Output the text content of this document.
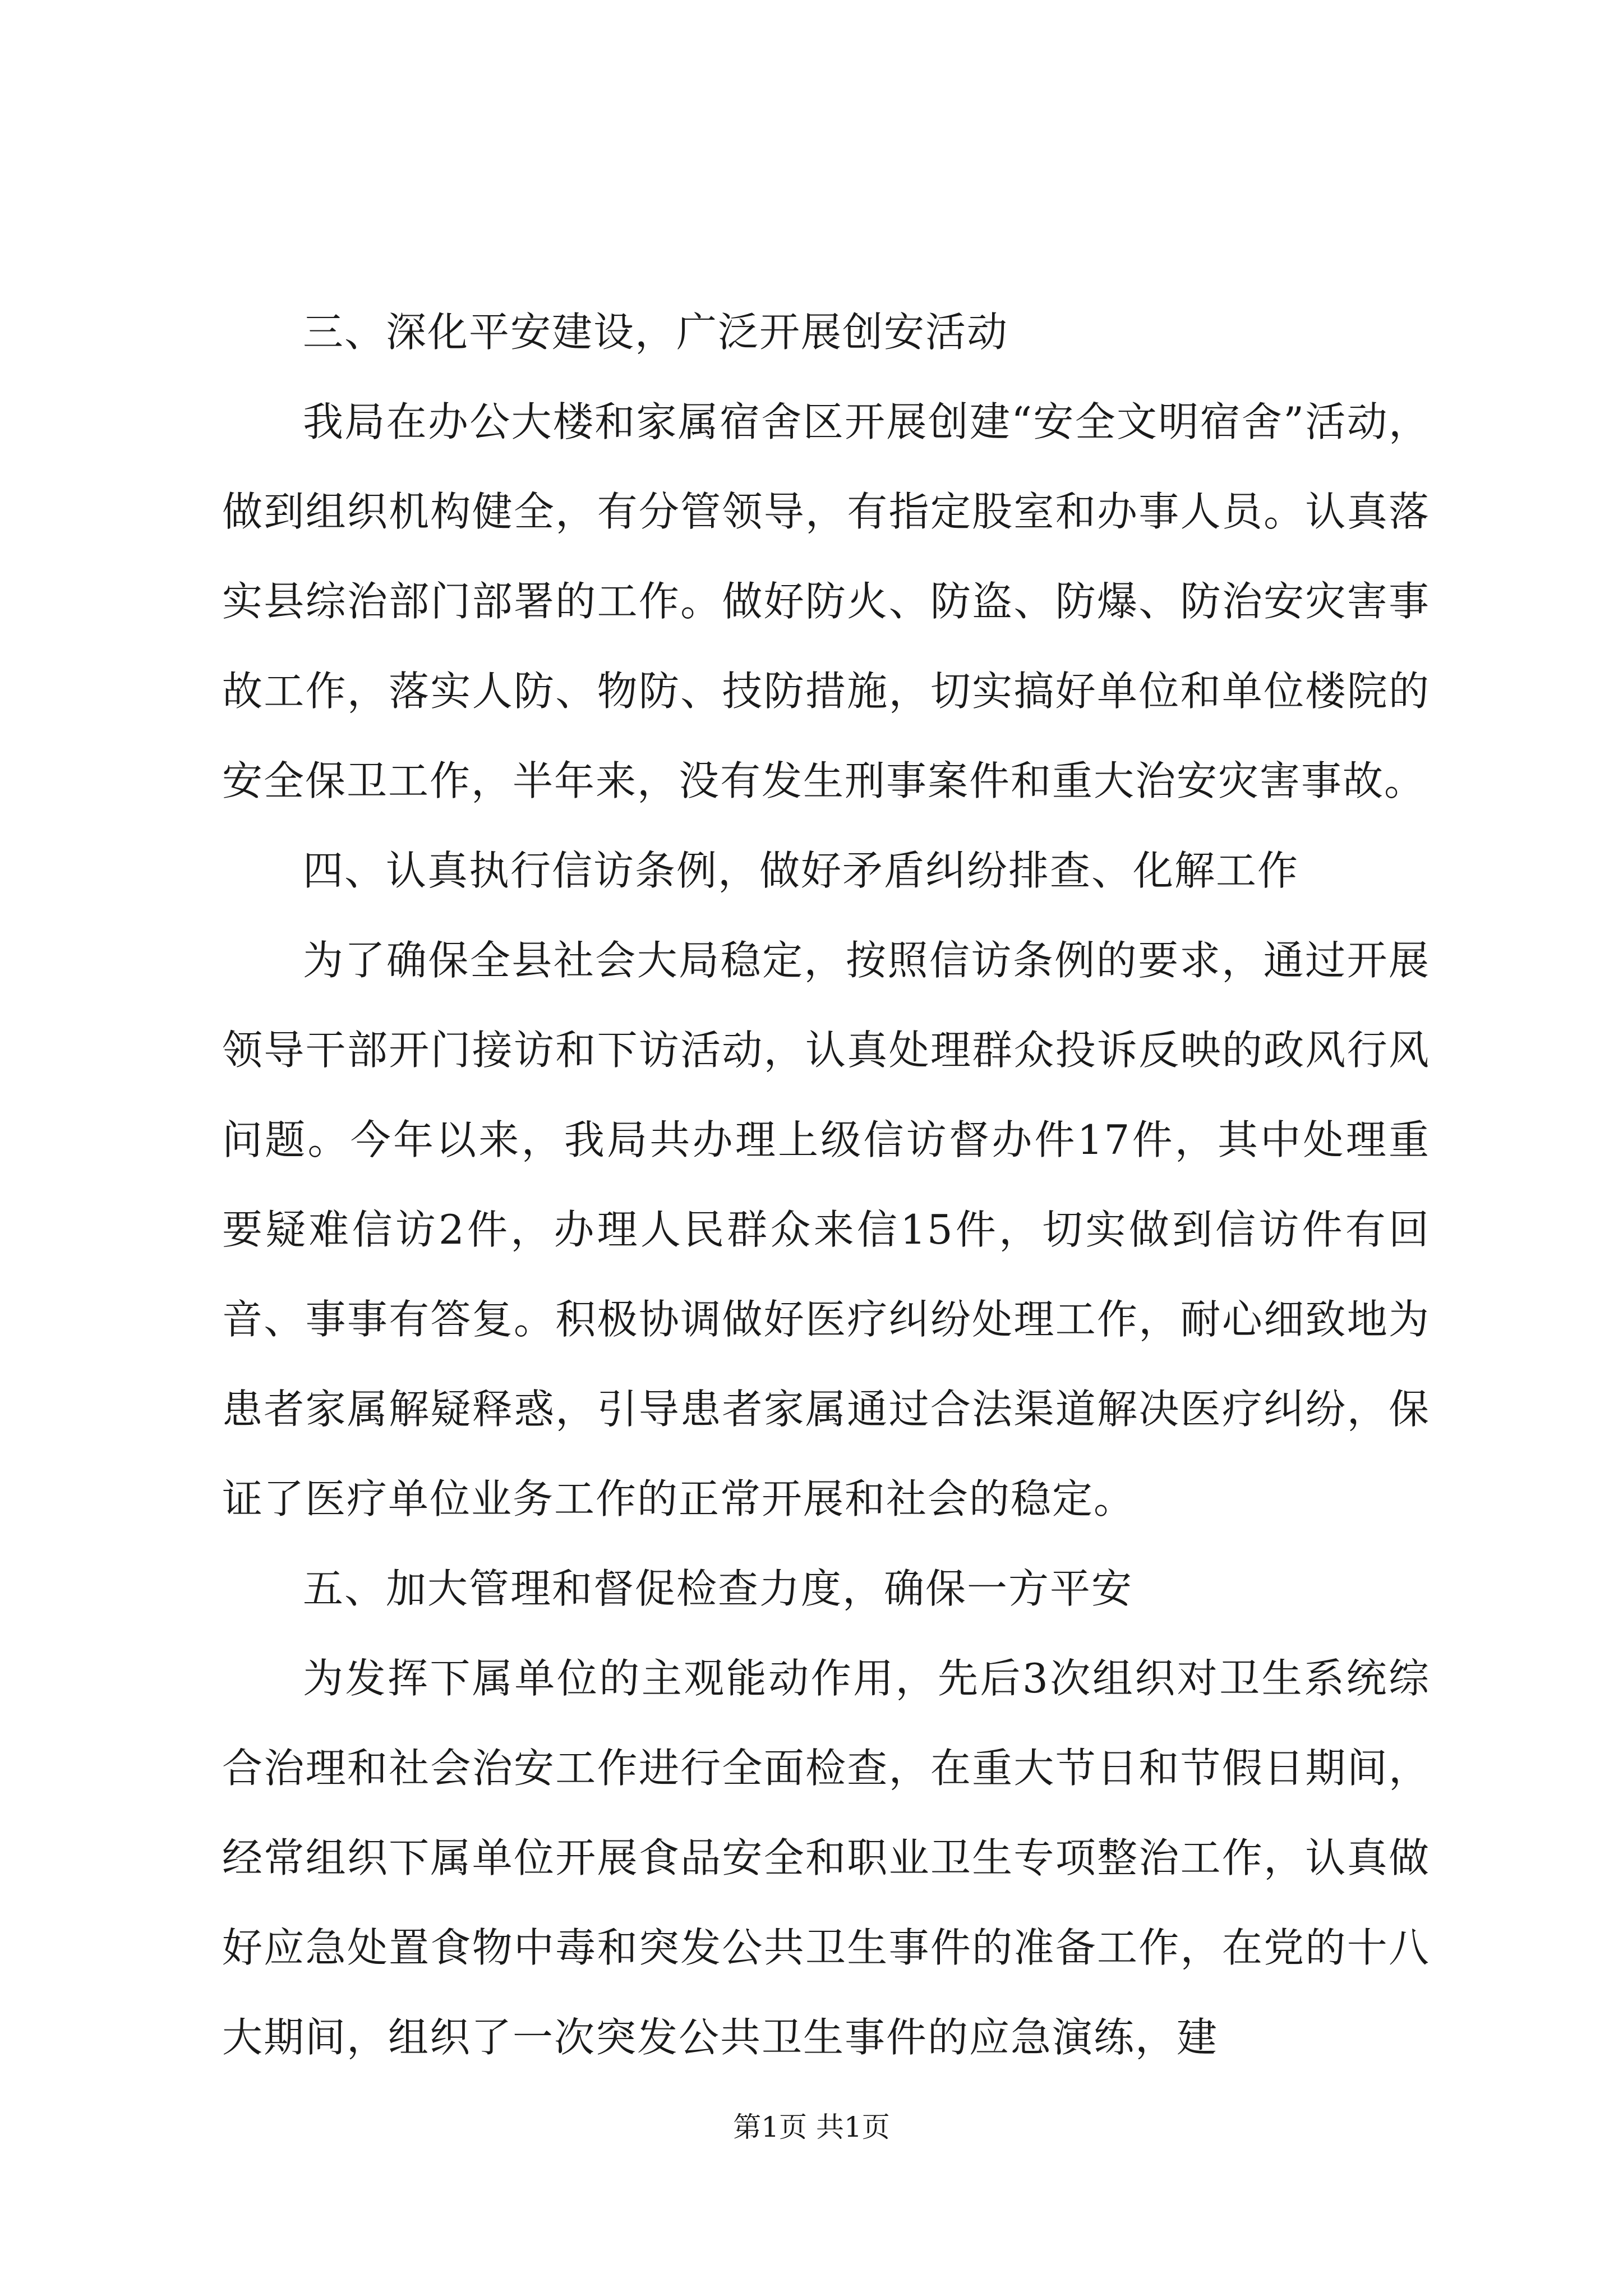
三、深化平安建设，广泛开展创安活动

我局在办公大楼和家属宿舍区开展创建“安全文明宿舍”活动，做到组织机构健全，有分管领导，有指定股室和办事人员。认真落实县综治部门部署的工作。做好防火、防盗、防爆、防治安灾害事故工作，落实人防、物防、技防措施，切实搞好单位和单位楼院的安全保卫工作，半年来，没有发生刑事案件和重大治安灾害事故。

四、认真执行信访条例，做好矛盾纠纷排查、化解工作

为了确保全县社会大局稳定，按照信访条例的要求，通过开展领导干部开门接访和下访活动，认真处理群众投诉反映的政风行风问题。今年以来，我局共办理上级信访督办件17件，其中处理重要疑难信访2件，办理人民群众来信15件，切实做到信访件有回音、事事有答复。积极协调做好医疗纠纷处理工作，耐心细致地为患者家属解疑释惑，引导患者家属通过合法渠道解决医疗纠纷，保证了医疗单位业务工作的正常开展和社会的稳定。

五、加大管理和督促检查力度，确保一方平安

为发挥下属单位的主观能动作用，先后3次组织对卫生系统综合治理和社会治安工作进行全面检查，在重大节日和节假日期间，经常组织下属单位开展食品安全和职业卫生专项整治工作，认真做好应急处置食物中毒和突发公共卫生事件的准备工作，在党的十八大期间，组织了一次突发公共卫生事件的应急演练，建

第1页 共1页
